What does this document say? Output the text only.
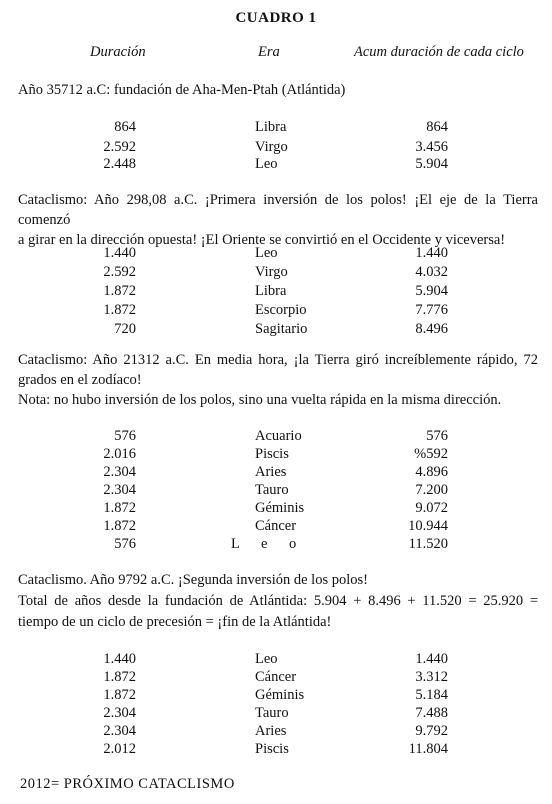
CUADRO 1
Duración	Era	Acum duración de cada ciclo
Año 35712 a.C: fundación de Aha-Men-Ptah (Atlántida)
864	Libra	864
2.592	Virgo	3.456
2.448	Leo	5.904
Cataclismo: Año 298,08 a.C. ¡Primera inversión de los polos! ¡El eje de la Tierra comenzó
a girar en la dirección opuesta! ¡El Oriente se convirtió en el Occidente y viceversa!
1.440	Leo	1.440
2.592	Virgo	4.032
1.872	Libra	5.904
1.872	Escorpio	7.776
720	Sagitario	8.496
Cataclismo: Año 21312 a.C. En media hora, ¡la Tierra giró increíblemente rápido, 72
grados en el zodíaco!
Nota: no hubo inversión de los polos, sino una vuelta rápida en la misma dirección.
576	Acuario	576
2.016	Piscis	%592
2.304	Aries	4.896
2.304	Tauro	7.200
1.872	Géminis	9.072
1.872	Cáncer	10.944
576	L e o	11.520
Cataclismo. Año 9792 a.C. ¡Segunda inversión de los polos!
Total de años desde la fundación de Atlántida: 5.904 + 8.496 + 11.520 = 25.920 =
tiempo de un ciclo de precesión = ¡fin de la Atlántida!
1.440	Leo	1.440
1.872	Cáncer	3.312
1.872	Géminis	5.184
2.304	Tauro	7.488
2.304	Aries	9.792
2.012	Piscis	11.804
2012= PRÓXIMO CATACLISMO
